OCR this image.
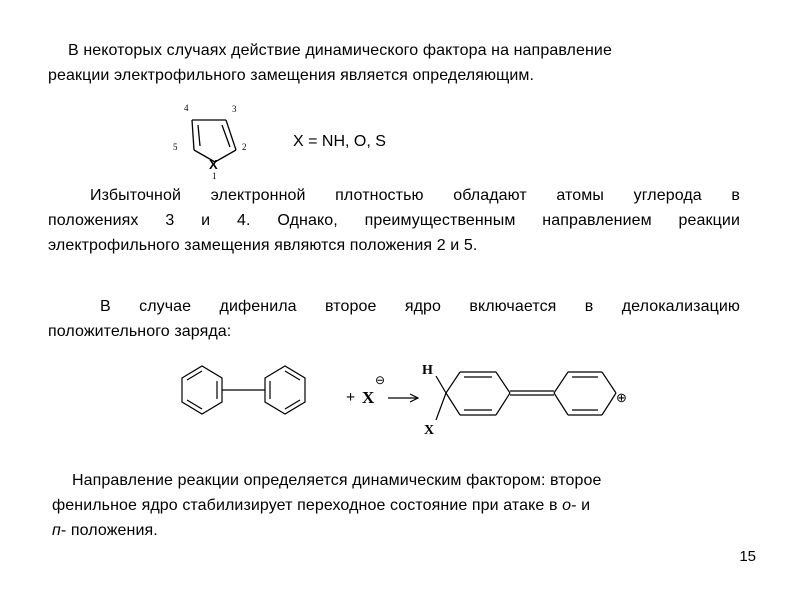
В некоторых случаях действие динамического фактора на направление
реакции электрофильного замещения является определяющим.
4	3
5	2
X
1
X = NH, O, S
Избыточной электронной плотностью обладают атомы углерода в
положениях 3 и 4. Однако, преимущественным направлением реакции
электрофильного замещения являются положения 2 и 5.
В случае дифенила второе ядро включается в делокализацию
положительного заряда:
+ X
⊖
H
X
⊕
Направление реакции определяется динамическим фактором: второе
фенильное ядро стабилизирует переходное состояние при атаке в о- и
п- положения.
15
